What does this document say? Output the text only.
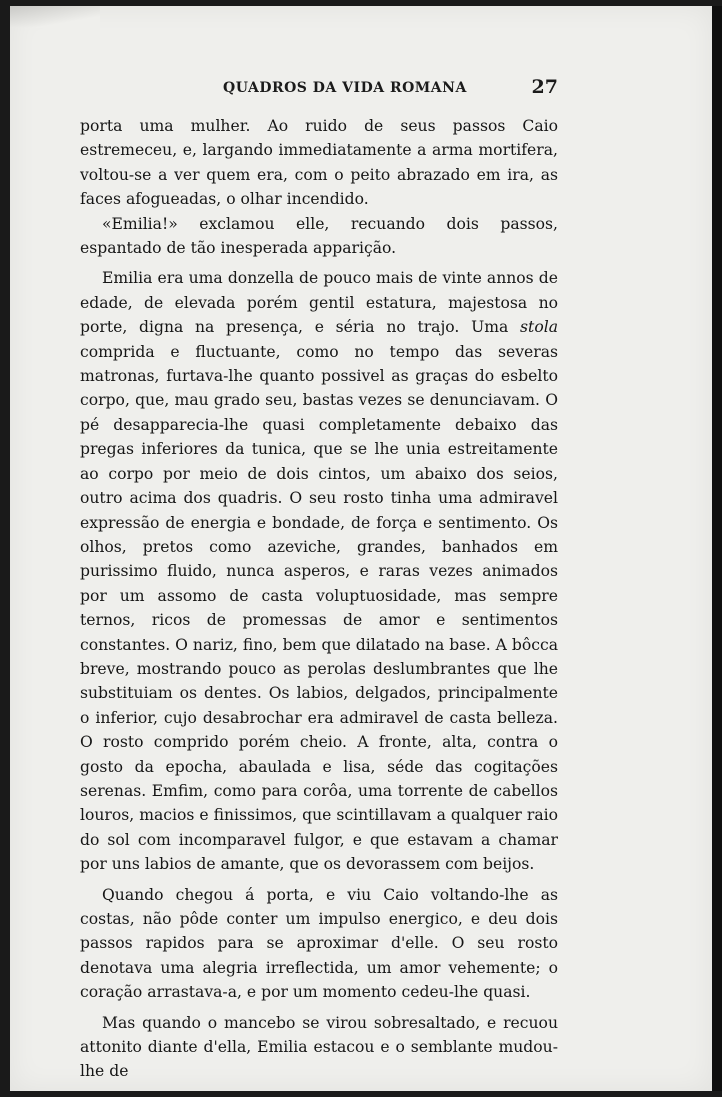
QUADROS DA VIDA ROMANA	27

porta uma mulher. Ao ruido de seus passos Caio estremeceu, e, largando immediatamente a arma mortifera, voltou-se a ver quem era, com o peito abrazado em ira, as faces afogueadas, o olhar incendido.

«Emilia!» exclamou elle, recuando dois passos, espantado de tão inesperada apparição.

Emilia era uma donzella de pouco mais de vinte annos de edade, de elevada porém gentil estatura, majestosa no porte, digna na presença, e séria no trajo. Uma stola comprida e fluctuante, como no tempo das severas matronas, furtava-lhe quanto possivel as graças do esbelto corpo, que, mau grado seu, bastas vezes se denunciavam. O pé desapparecia-lhe quasi completamente debaixo das pregas inferiores da tunica, que se lhe unia estreitamente ao corpo por meio de dois cintos, um abaixo dos seios, outro acima dos quadris. O seu rosto tinha uma admiravel expressão de energia e bondade, de força e sentimento. Os olhos, pretos como azeviche, grandes, banhados em purissimo fluido, nunca asperos, e raras vezes animados por um assomo de casta voluptuosidade, mas sempre ternos, ricos de promessas de amor e sentimentos constantes. O nariz, fino, bem que dilatado na base. A bôcca breve, mostrando pouco as perolas deslumbrantes que lhe substituiam os dentes. Os labios, delgados, principalmente o inferior, cujo desabrochar era admiravel de casta belleza. O rosto comprido porém cheio. A fronte, alta, contra o gosto da epocha, abaulada e lisa, séde das cogitações serenas. Emfim, como para corôa, uma torrente de cabellos louros, macios e finissimos, que scintillavam a qualquer raio do sol com incomparavel fulgor, e que estavam a chamar por uns labios de amante, que os devorassem com beijos.

Quando chegou á porta, e viu Caio voltando-lhe as costas, não pôde conter um impulso energico, e deu dois passos rapidos para se aproximar d'elle. O seu rosto denotava uma alegria irreflectida, um amor vehemente; o coração arrastava-a, e por um momento cedeu-lhe quasi.

Mas quando o mancebo se virou sobresaltado, e recuou attonito diante d'ella, Emilia estacou e o semblante mudou-lhe de
